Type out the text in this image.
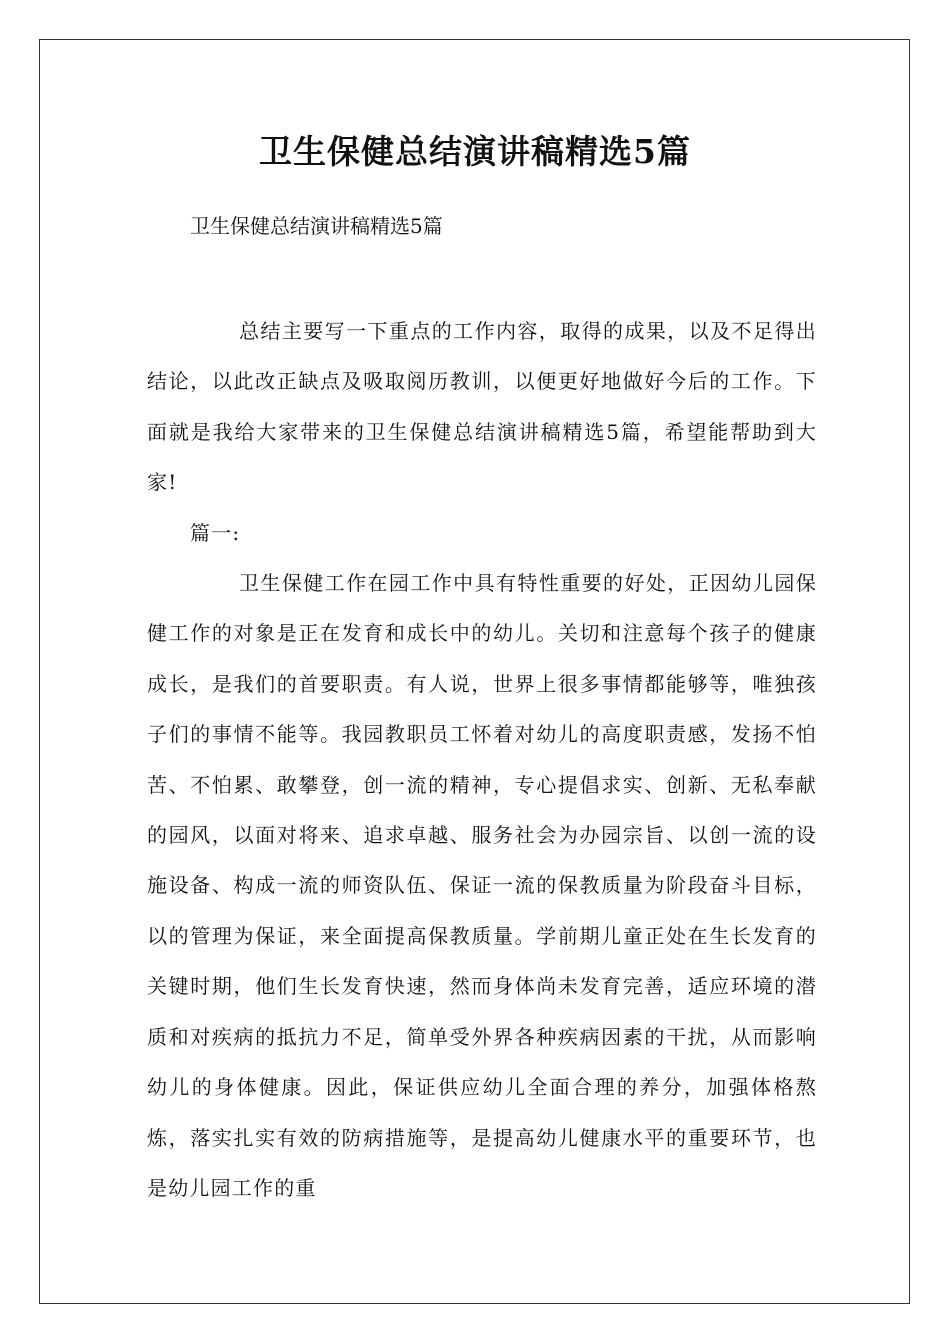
卫生保健总结演讲稿精选5篇

卫生保健总结演讲稿精选5篇

总结主要写一下重点的工作内容，取得的成果，以及不足得出结论，以此改正缺点及吸取阅历教训，以便更好地做好今后的工作。下面就是我给大家带来的卫生保健总结演讲稿精选5篇，希望能帮助到大家!

篇一:

卫生保健工作在园工作中具有特性重要的好处，正因幼儿园保健工作的对象是正在发育和成长中的幼儿。关切和注意每个孩子的健康成长，是我们的首要职责。有人说，世界上很多事情都能够等，唯独孩子们的事情不能等。我园教职员工怀着对幼儿的高度职责感，发扬不怕苦、不怕累、敢攀登，创一流的精神，专心提倡求实、创新、无私奉献的园风，以面对将来、追求卓越、服务社会为办园宗旨、以创一流的设施设备、构成一流的师资队伍、保证一流的保教质量为阶段奋斗目标，以的管理为保证，来全面提高保教质量。学前期儿童正处在生长发育的关键时期，他们生长发育快速，然而身体尚未发育完善，适应环境的潜质和对疾病的抵抗力不足，简单受外界各种疾病因素的干扰，从而影响幼儿的身体健康。因此，保证供应幼儿全面合理的养分，加强体格熬炼，落实扎实有效的防病措施等，是提高幼儿健康水平的重要环节，也是幼儿园工作的重
